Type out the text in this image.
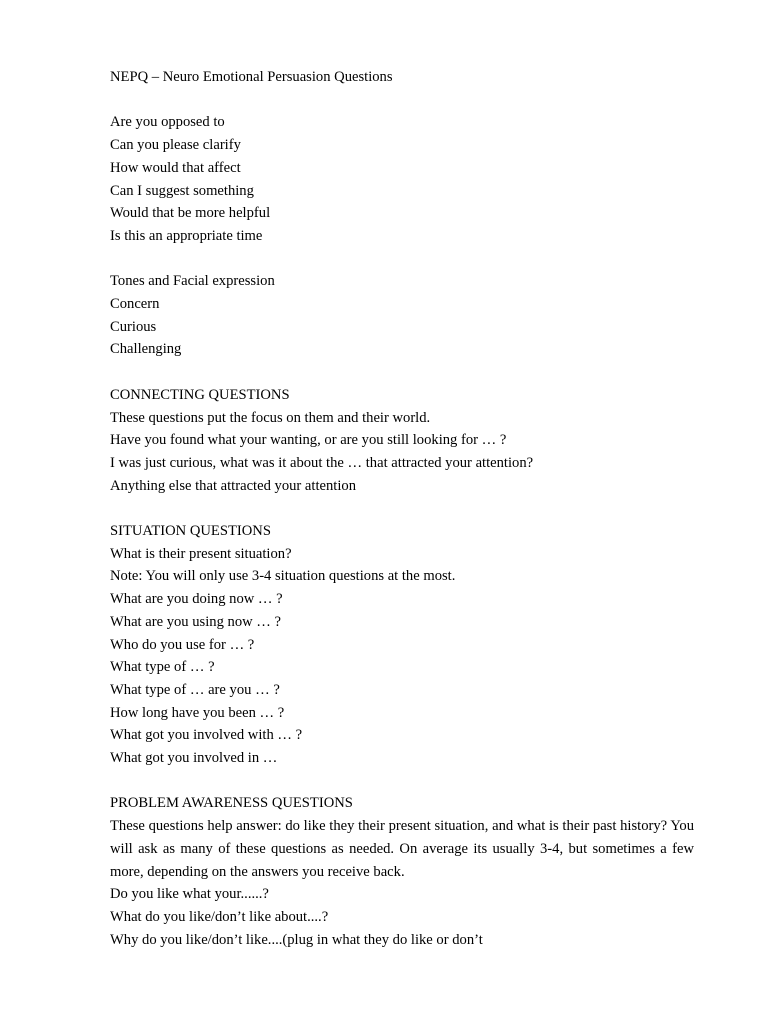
NEPQ – Neuro Emotional Persuasion Questions
Are you opposed to
Can you please clarify
How would that affect
Can I suggest something
Would that be more helpful
Is this an appropriate time
Tones and Facial expression
Concern
Curious
Challenging
CONNECTING QUESTIONS
These questions put the focus on them and their world.
Have you found what your wanting, or are you still looking for … ?
I was just curious, what was it about the … that attracted your attention?
Anything else that attracted your attention
SITUATION QUESTIONS
What is their present situation?
Note: You will only use 3-4 situation questions at the most.
What are you doing now … ?
What are you using now … ?
Who do you use for … ?
What type of … ?
What type of … are you … ?
How long have you been … ?
What got you involved with … ?
What got you involved in …
PROBLEM AWARENESS QUESTIONS

These questions help answer: do like they their present situation, and what is their past history? You will ask as many of these questions as needed. On average its usually 3-4, but sometimes a few more, depending on the answers you receive back.

Do you like what your......?
What do you like/don’t like about....?
Why do you like/don’t like....(plug in what they do like or don’t
